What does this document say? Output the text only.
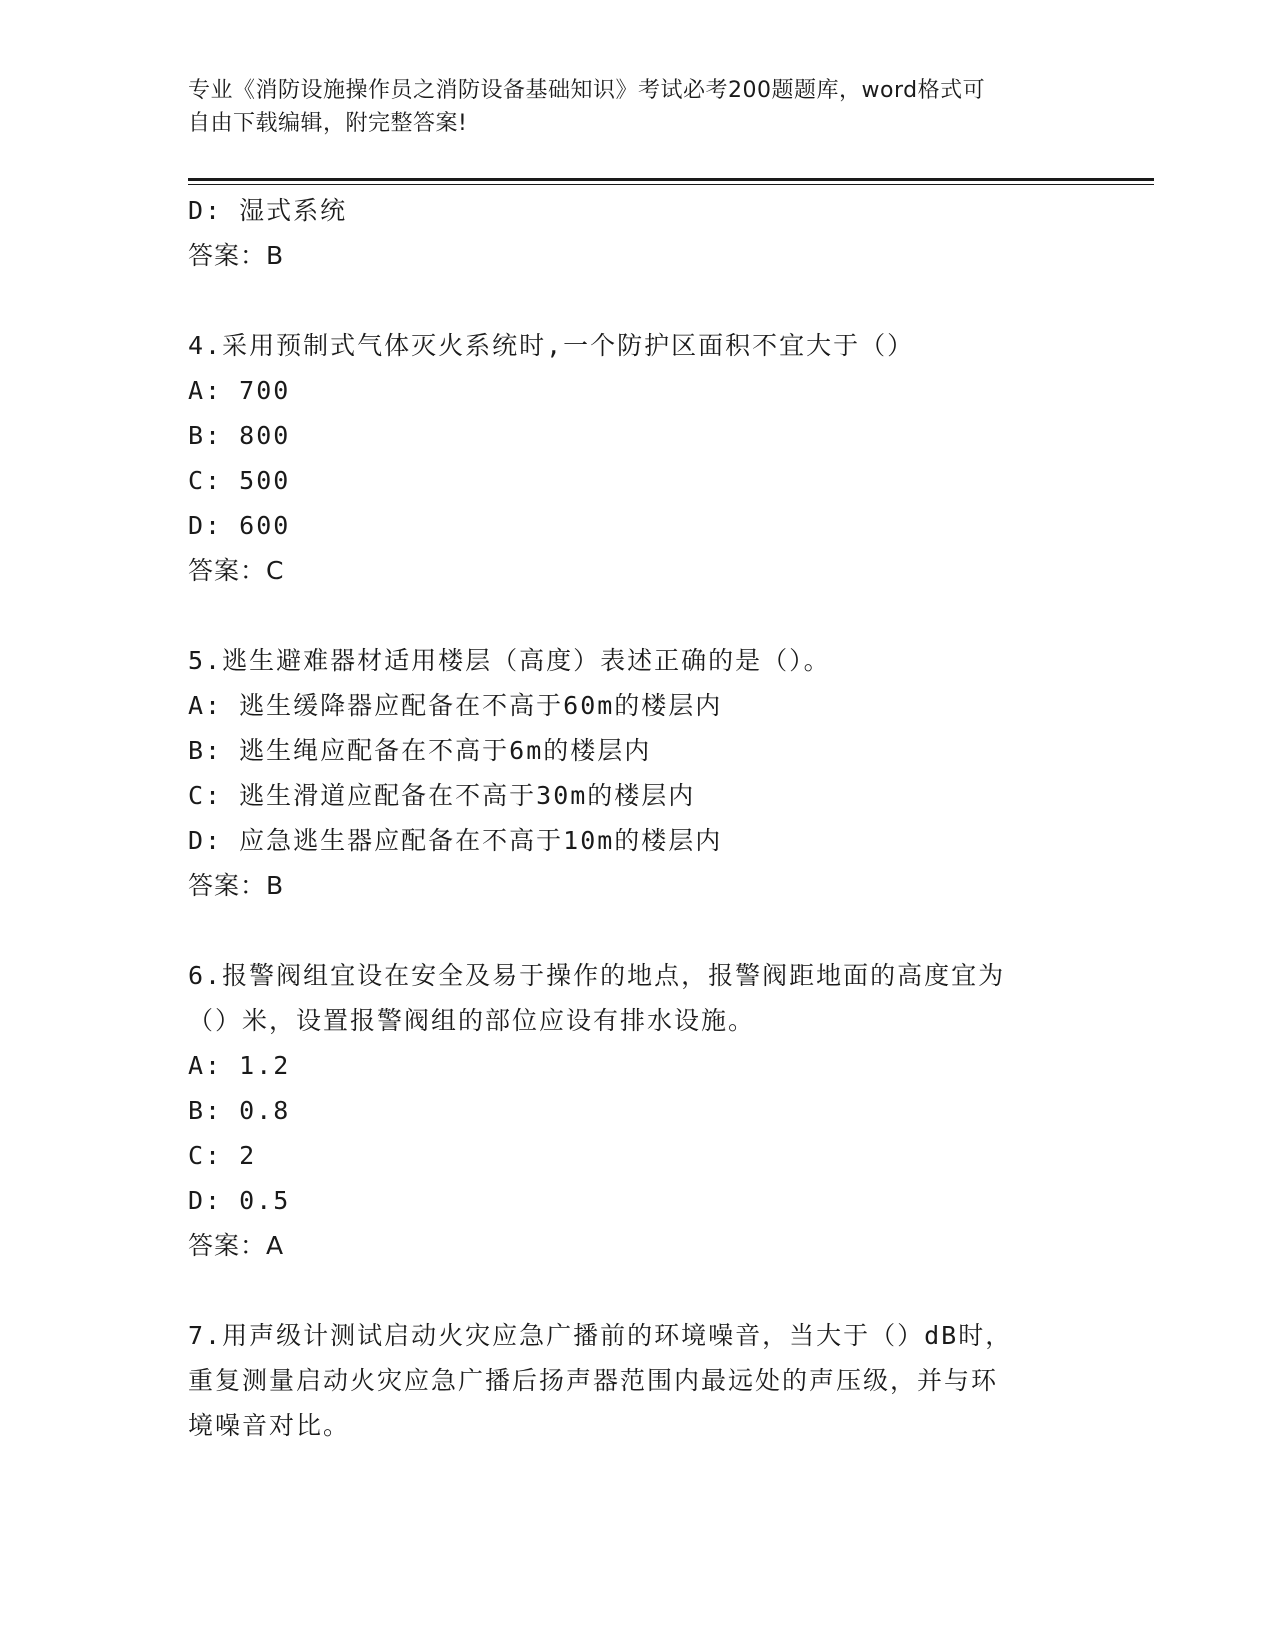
专业《消防设施操作员之消防设备基础知识》考试必考200题题库，word格式可
自由下载编辑，附完整答案!
D: 湿式系统
答案：B
4.采用预制式气体灭火系统时,一个防护区面积不宜大于（）
A: 700
B: 800
C: 500
D: 600
答案：C
5.逃生避难器材适用楼层（高度）表述正确的是（）。
A: 逃生缓降器应配备在不高于60m的楼层内
B: 逃生绳应配备在不高于6m的楼层内
C: 逃生滑道应配备在不高于30m的楼层内
D: 应急逃生器应配备在不高于10m的楼层内
答案：B
6.报警阀组宜设在安全及易于操作的地点，报警阀距地面的高度宜为
（）米，设置报警阀组的部位应设有排水设施。
A: 1.2
B: 0.8
C: 2
D: 0.5
答案：A
7.用声级计测试启动火灾应急广播前的环境噪音，当大于（）dB时，
重复测量启动火灾应急广播后扬声器范围内最远处的声压级，并与环
境噪音对比。
